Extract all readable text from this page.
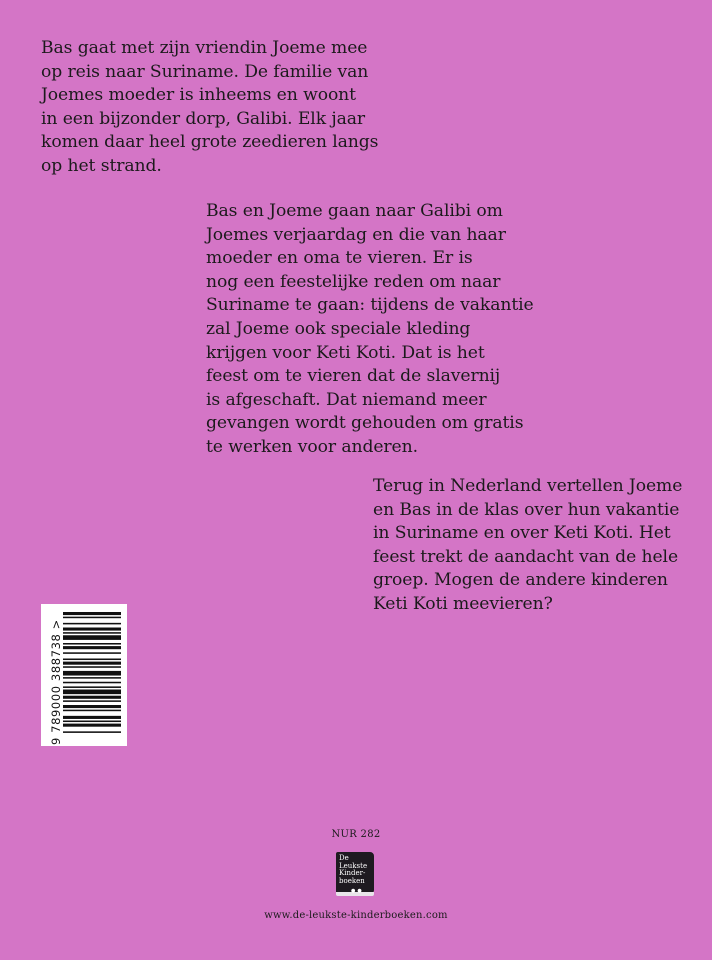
Bas gaat met zijn vriendin Joeme mee
op reis naar Suriname. De familie van
Joemes moeder is inheems en woont
in een bijzonder dorp, Galibi. Elk jaar
komen daar heel grote zeedieren langs
op het strand.

Bas en Joeme gaan naar Galibi om
Joemes verjaardag en die van haar
moeder en oma te vieren. Er is
nog een feestelijke reden om naar
Suriname te gaan: tijdens de vakantie
zal Joeme ook speciale kleding
krijgen voor Keti Koti. Dat is het
feest om te vieren dat de slavernij
is afgeschaft. Dat niemand meer
gevangen wordt gehouden om gratis
te werken voor anderen.

Terug in Nederland vertellen Joeme
en Bas in de klas over hun vakantie
in Suriname en over Keti Koti. Het
feest trekt de aandacht van de hele
groep. Mogen de andere kinderen
Keti Koti meevieren?

9 789000 388738 >
NUR 282
De
Leukste
Kinder-
boeken
●●
www.de-leukste-kinderboeken.com
